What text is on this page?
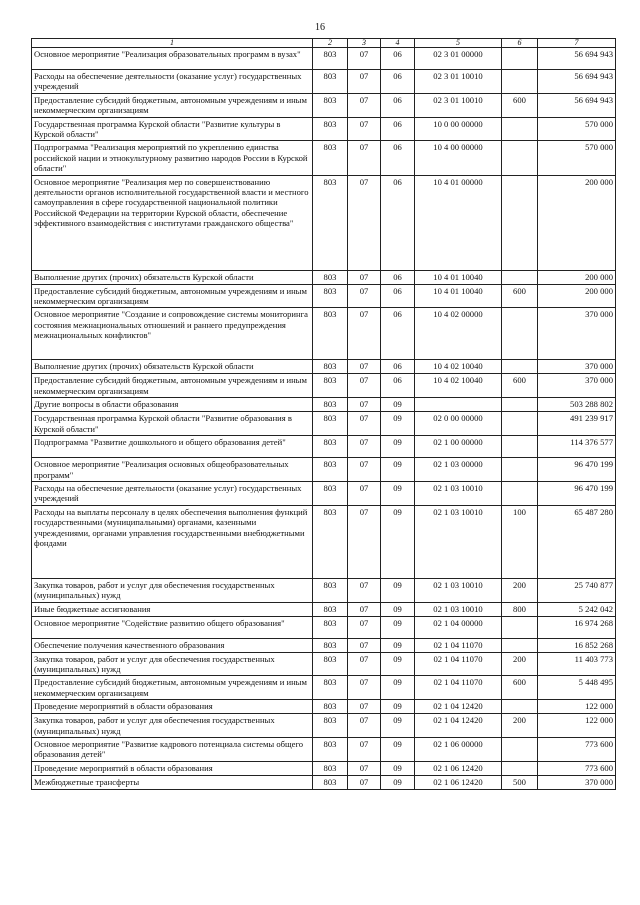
16
1	2	3	4	5	6	7
Основное мероприятие "Реализация образовательных программ в вузах"	803	07	06	02 3 01 00000		56 694 943
Расходы на обеспечение деятельности (оказание услуг) государственных учреждений	803	07	06	02 3 01 10010		56 694 943
Предоставление субсидий бюджетным, автономным учреждениям и иным некоммерческим организациям	803	07	06	02 3 01 10010	600	56 694 943
Государственная программа Курской области "Развитие культуры в Курской области"	803	07	06	10 0 00 00000		570 000
Подпрограмма "Реализация мероприятий по укреплению единства российской нации и этнокультурному развитию народов России в Курской области"	803	07	06	10 4 00 00000		570 000
Основное мероприятие "Реализация мер по совершенствованию деятельности органов исполнительной государственной власти и местного самоуправления в сфере государственной национальной политики Российской Федерации на территории Курской области, обеспечение эффективного взаимодействия с институтами гражданского общества"	803	07	06	10 4 01 00000		200 000
Выполнение других (прочих) обязательств Курской области	803	07	06	10 4 01 10040		200 000
Предоставление субсидий бюджетным, автономным учреждениям и иным некоммерческим организациям	803	07	06	10 4 01 10040	600	200 000
Основное мероприятие "Создание и сопровождение системы мониторинга состояния межнациональных отношений и раннего предупреждения межнациональных конфликтов"	803	07	06	10 4 02 00000		370 000
Выполнение других (прочих) обязательств Курской области	803	07	06	10 4 02 10040		370 000
Предоставление субсидий бюджетным, автономным учреждениям и иным некоммерческим организациям	803	07	06	10 4 02 10040	600	370 000
Другие вопросы в области образования	803	07	09			503 288 802
Государственная программа Курской области "Развитие образования в Курской области"	803	07	09	02 0 00 00000		491 239 917
Подпрограмма "Развитие дошкольного и общего образования детей"	803	07	09	02 1 00 00000		114 376 577
Основное мероприятие "Реализация основных общеобразовательных программ"	803	07	09	02 1 03 00000		96 470 199
Расходы на обеспечение деятельности (оказание услуг) государственных учреждений	803	07	09	02 1 03 10010		96 470 199
Расходы на выплаты персоналу в целях обеспечения выполнения функций государственными (муниципальными) органами, казенными учреждениями, органами управления государственными внебюджетными фондами	803	07	09	02 1 03 10010	100	65 487 280
Закупка товаров, работ и услуг для обеспечения государственных (муниципальных) нужд	803	07	09	02 1 03 10010	200	25 740 877
Иные бюджетные ассигнования	803	07	09	02 1 03 10010	800	5 242 042
Основное мероприятие "Содействие развитию общего образования"	803	07	09	02 1 04 00000		16 974 268
Обеспечение получения качественного образования	803	07	09	02 1 04 11070		16 852 268
Закупка товаров, работ и услуг для обеспечения государственных (муниципальных) нужд	803	07	09	02 1 04 11070	200	11 403 773
Предоставление субсидий бюджетным, автономным учреждениям и иным некоммерческим организациям	803	07	09	02 1 04 11070	600	5 448 495
Проведение мероприятий в области образования	803	07	09	02 1 04 12420		122 000
Закупка товаров, работ и услуг для обеспечения государственных (муниципальных) нужд	803	07	09	02 1 04 12420	200	122 000
Основное мероприятие "Развитие кадрового потенциала системы общего образования детей"	803	07	09	02 1 06 00000		773 600
Проведение мероприятий в области образования	803	07	09	02 1 06 12420		773 600
Межбюджетные трансферты	803	07	09	02 1 06 12420	500	370 000
